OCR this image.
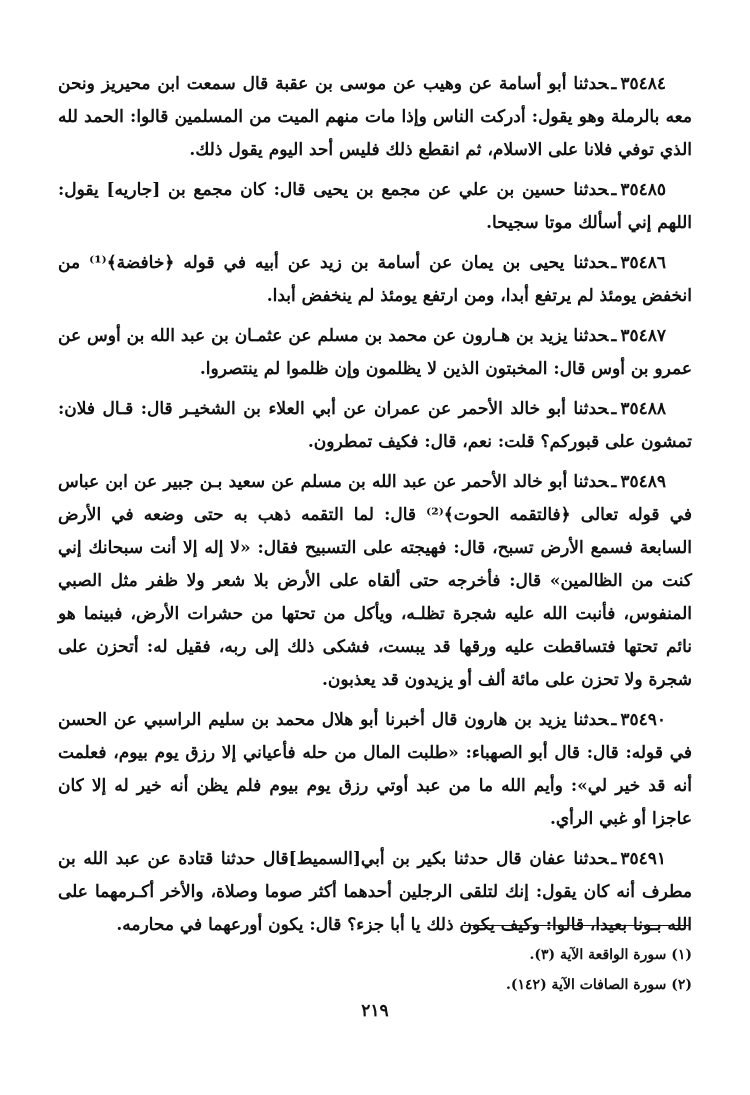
٣٥٤٨٤ـحدثنا أبو أسامة عن وهيب عن موسى بن عقبة قال سمعت ابن محيريز ونحن معه بالرملة وهو يقول: أدركت الناس وإذا مات منهم الميت من المسلمين قالوا: الحمد لله الذي توفي فلانا على الاسلام، ثم انقطع ذلك فليس أحد اليوم يقول ذلك.

٣٥٤٨٥ـحدثنا حسين بن علي عن مجمع بن يحيى قال: كان مجمع بن [جاريه] يقول: اللهم إني أسألك موتا سجيحا.

٣٥٤٨٦ـحدثنا يحيى بن يمان عن أسامة بن زيد عن أبيه في قوله ﴿خافضة﴾⁽¹⁾ من انخفض يومئذ لم يرتفع أبدا، ومن ارتفع يومئذ لم ينخفض أبدا.

٣٥٤٨٧ـحدثنا يزيد بن هـارون عن محمد بن مسلم عن عثمـان بن عبد الله بن أوس عن عمرو بن أوس قال: المخبتون الذين لا يظلمون وإن ظلموا لم ينتصروا.

٣٥٤٨٨ـحدثنا أبو خالد الأحمر عن عمران عن أبي العلاء بن الشخيـر قال: قـال فلان: تمشون على قبوركم؟ قلت: نعم، قال: فكيف تمطرون.

٣٥٤٨٩ـحدثنا أبو خالد الأحمر عن عبد الله بن مسلم عن سعيد بـن جبير عن ابن عباس في قوله تعالى ﴿فالتقمه الحوت﴾⁽²⁾ قال: لما التقمه ذهب به حتى وضعه في الأرض السابعة فسمع الأرض تسبح، قال: فهيجته على التسبيح فقال: «لا إله إلا أنت سبحانك إني كنت من الظالمين» قال: فأخرجه حتى ألقاه على الأرض بلا شعر ولا ظفر مثل الصبي المنفوس، فأنبت الله عليه شجرة تظلـه، ويأكل من تحتها من حشرات الأرض، فبينما هو نائم تحتها فتساقطت عليه ورقها قد يبست، فشكى ذلك إلى ربه، فقيل له: أتحزن على شجرة ولا تحزن على مائة ألف أو يزيدون قد يعذبون.

٣٥٤٩٠ـحدثنا يزيد بن هارون قال أخبرنا أبو هلال محمد بن سليم الراسبي عن الحسن في قوله: قال: قال أبو الصهباء: «طلبت المال من حله فأعياني إلا رزق يوم بيوم، فعلمت أنه قد خير لي»: وأيم الله ما من عبد أوتي رزق يوم بيوم فلم يظن أنه خير له إلا كان عاجزا أو غبي الرأي.

٣٥٤٩١ـحدثنا عفان قال حدثنا بكير بن أبي[السميط]قال حدثنا قتادة عن عبد الله بن مطرف أنه كان يقول: إنك لتلقى الرجلين أحدهما أكثر صوما وصلاة، والأخر أكـرمهما على الله بـونا بعيدا، قالوا: وكيف يكون ذلك يا أبا جزء؟ قال: يكون أورعهما في محارمه.

(١) سورة الواقعة الآية (٣).
(٢) سورة الصافات الآية (١٤٢).
٢١٩
